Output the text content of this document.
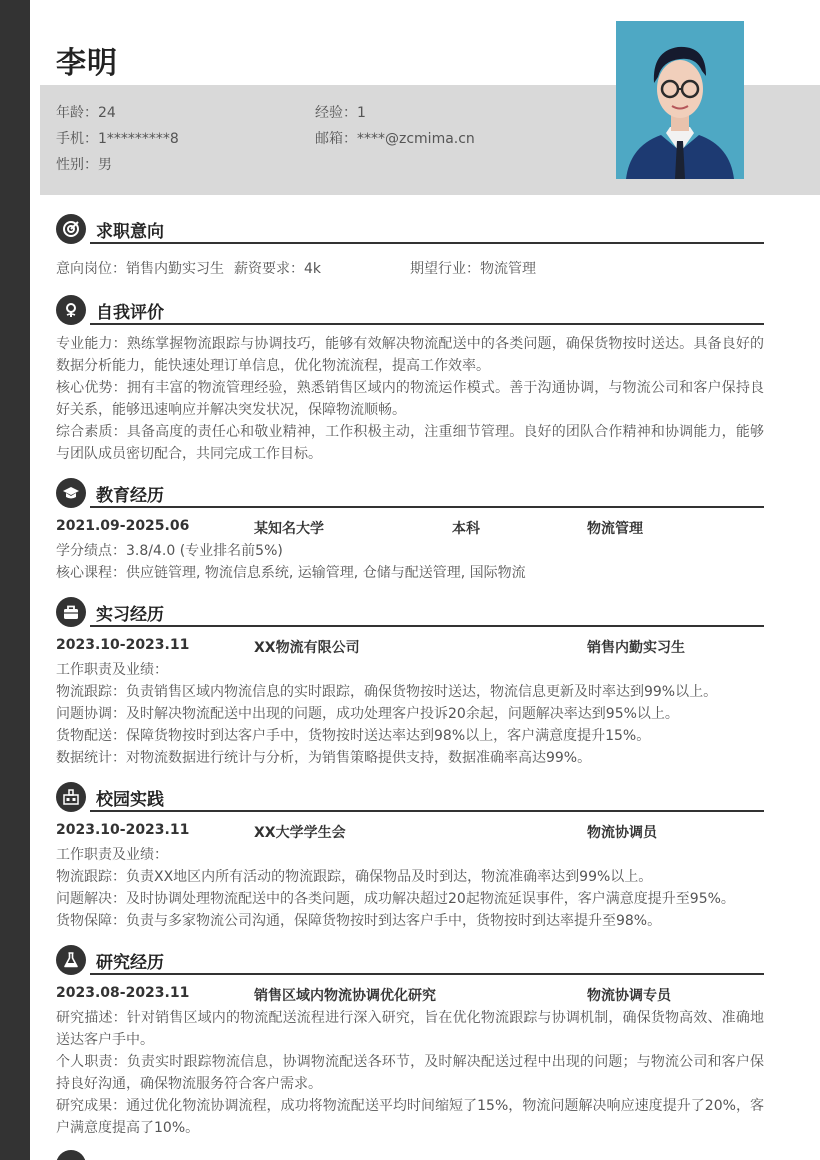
李明
年龄：24	经验：1
手机：1*********8	邮箱：****@zcmima.cn
性别：男
求职意向
意向岗位：销售内勤实习生 薪资要求：4k	期望行业：物流管理
自我评价

专业能力：熟练掌握物流跟踪与协调技巧，能够有效解决物流配送中的各类问题，确保货物按时送达。具备良好的数据分析能力，能快速处理订单信息，优化物流流程，提高工作效率。

核心优势：拥有丰富的物流管理经验，熟悉销售区域内的物流运作模式。善于沟通协调，与物流公司和客户保持良好关系，能够迅速响应并解决突发状况，保障物流顺畅。

综合素质：具备高度的责任心和敬业精神，工作积极主动，注重细节管理。良好的团队合作精神和协调能力，能够与团队成员密切配合，共同完成工作目标。

教育经历
2021.09-2025.06	某知名大学	本科	物流管理
学分绩点：3.8/4.0 (专业排名前5%)
核心课程：供应链管理, 物流信息系统, 运输管理, 仓储与配送管理, 国际物流
实习经历
2023.10-2023.11	XX物流有限公司	销售内勤实习生
工作职责及业绩：
物流跟踪：负责销售区域内物流信息的实时跟踪，确保货物按时送达，物流信息更新及时率达到99%以上。
问题协调：及时解决物流配送中出现的问题，成功处理客户投诉20余起，问题解决率达到95%以上。
货物配送：保障货物按时到达客户手中，货物按时送达率达到98%以上，客户满意度提升15%。
数据统计：对物流数据进行统计与分析，为销售策略提供支持，数据准确率高达99%。
校园实践
2023.10-2023.11	XX大学学生会	物流协调员
工作职责及业绩：
物流跟踪：负责XX地区内所有活动的物流跟踪，确保物品及时到达，物流准确率达到99%以上。
问题解决：及时协调处理物流配送中的各类问题，成功解决超过20起物流延误事件，客户满意度提升至95%。
货物保障：负责与多家物流公司沟通，保障货物按时到达客户手中，货物按时到达率提升至98%。
研究经历
2023.08-2023.11	销售区域内物流协调优化研究	物流协调专员

研究描述：针对销售区域内的物流配送流程进行深入研究，旨在优化物流跟踪与协调机制，确保货物高效、准确地送达客户手中。

个人职责：负责实时跟踪物流信息，协调物流配送各环节，及时解决配送过程中出现的问题；与物流公司和客户保持良好沟通，确保物流服务符合客户需求。

研究成果：通过优化物流协调流程，成功将物流配送平均时间缩短了15%，物流问题解决响应速度提升了20%，客户满意度提高了10%。
